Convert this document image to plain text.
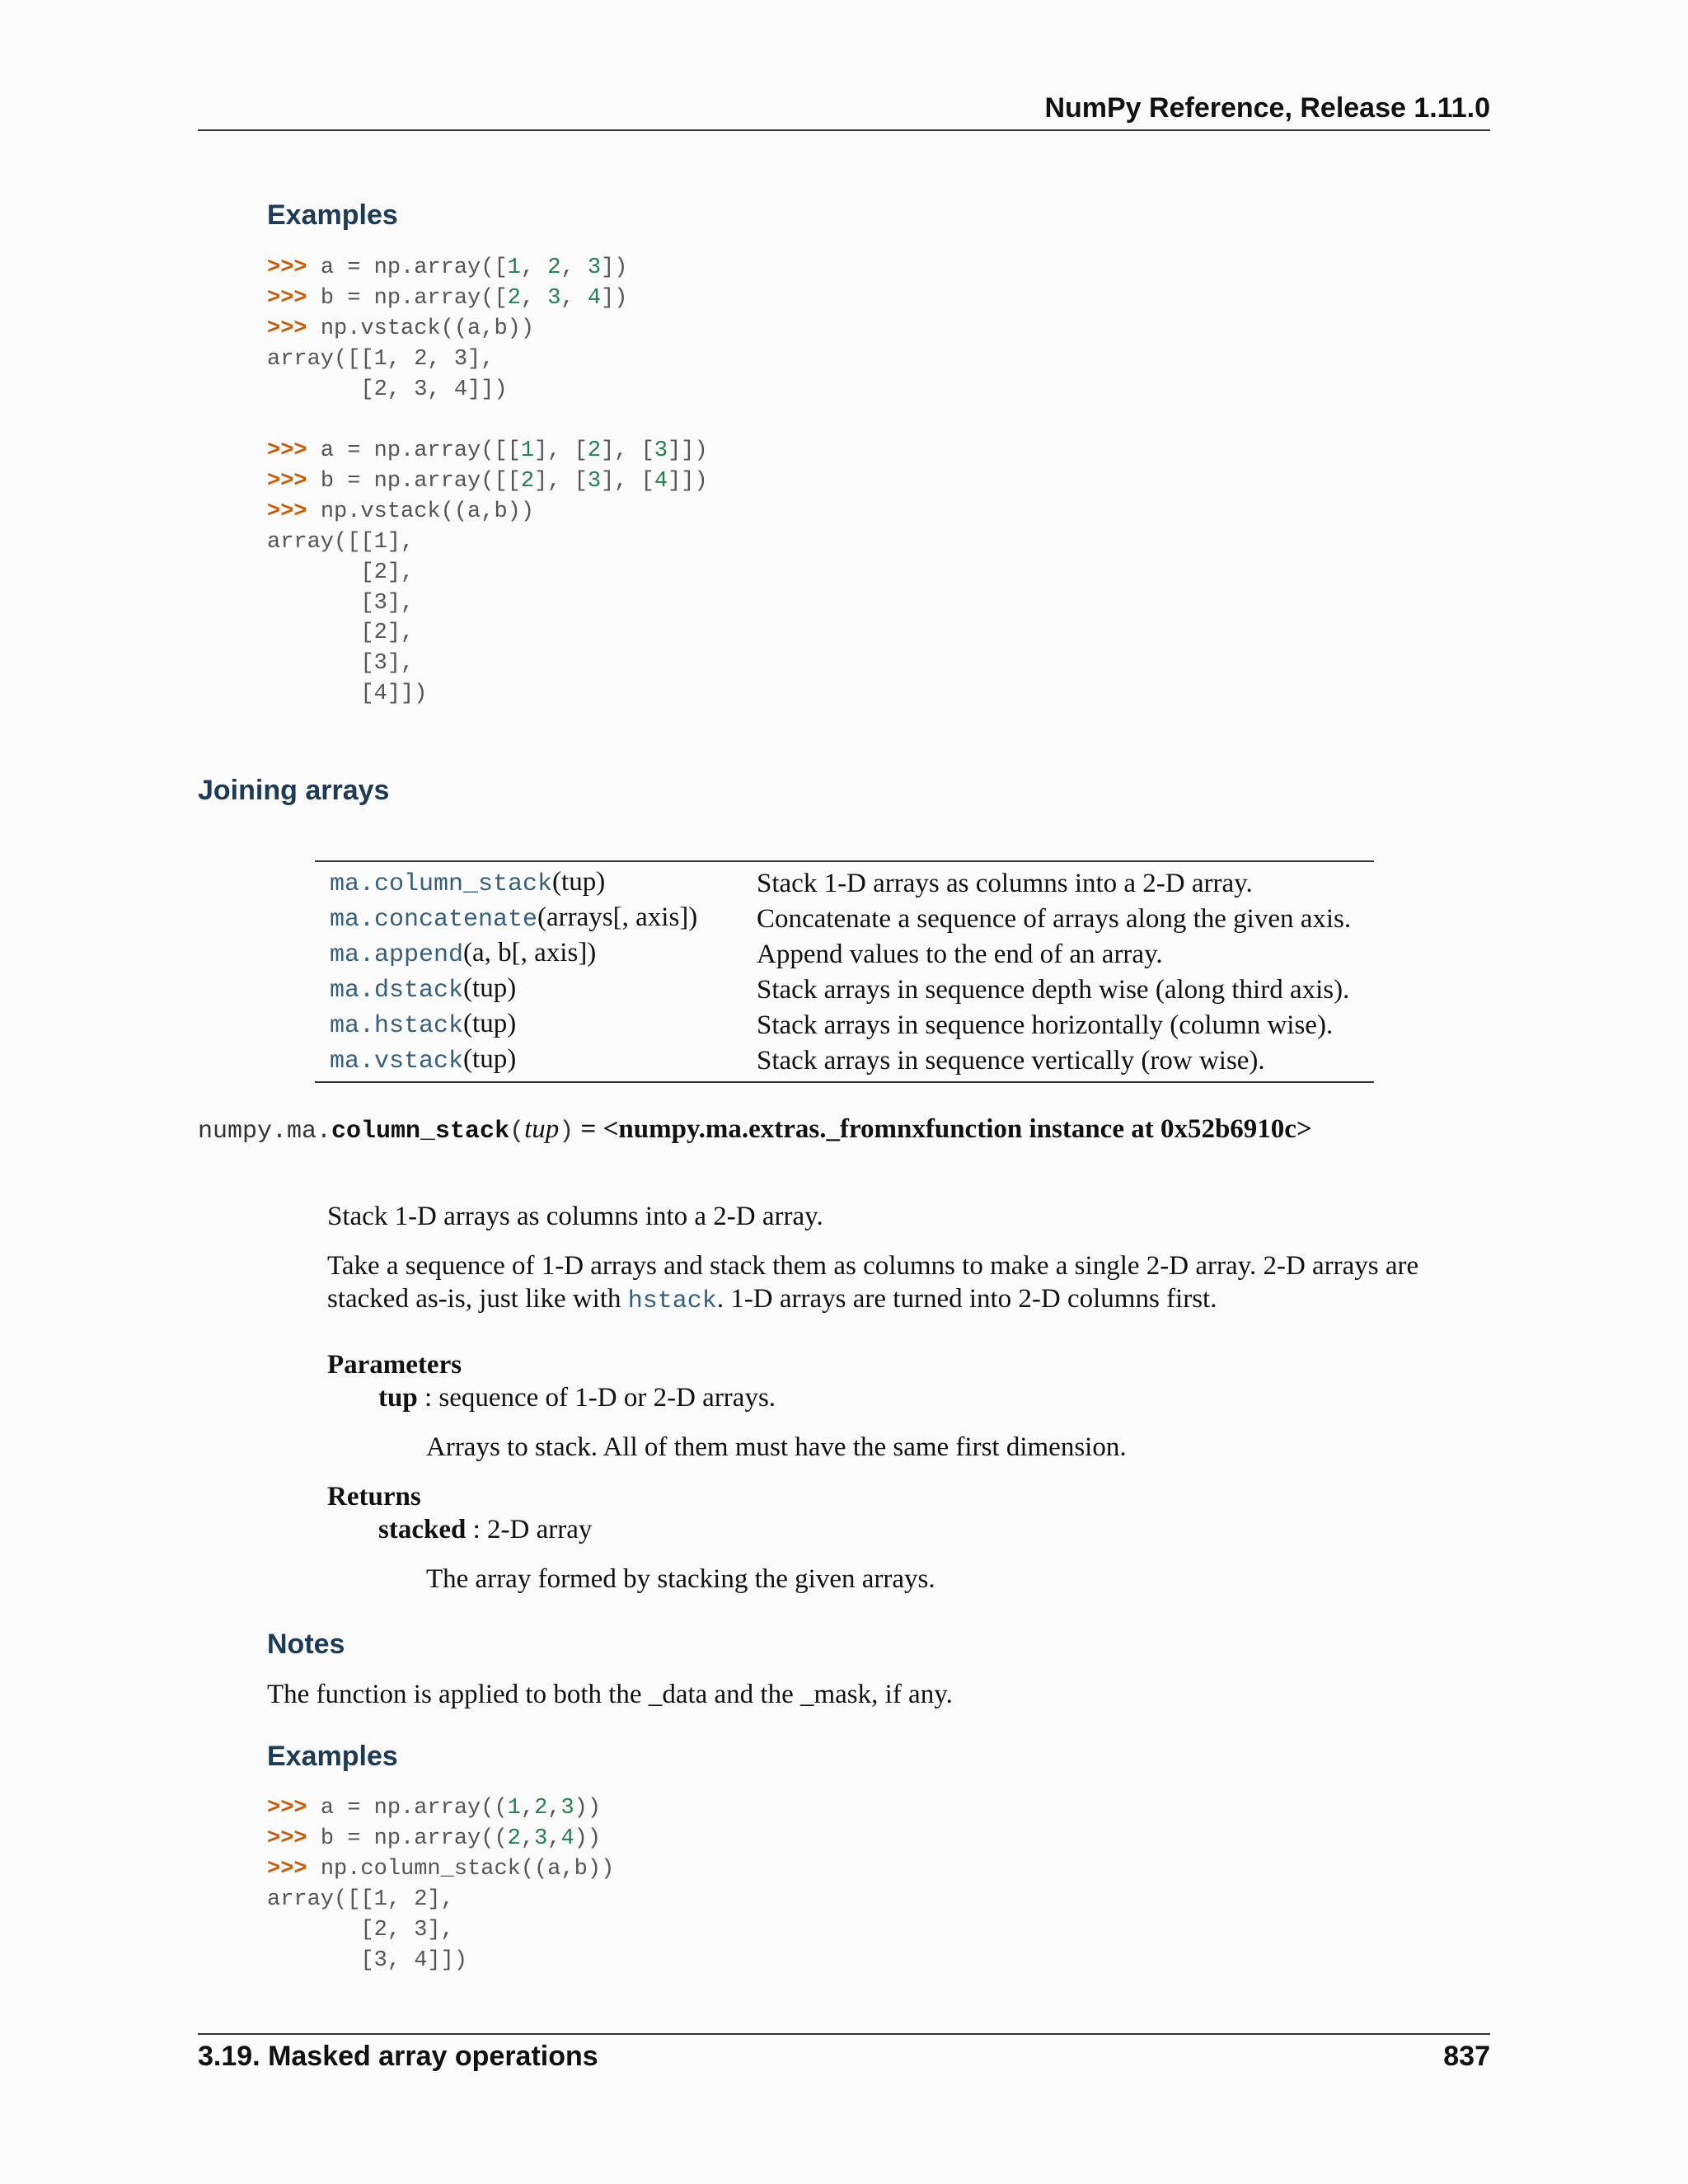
NumPy Reference, Release 1.11.0
Examples
>>> a = np.array([1, 2, 3])
>>> b = np.array([2, 3, 4])
>>> np.vstack((a,b))
array([[1, 2, 3],
[2, 3, 4]])
>>> a = np.array([[1], [2], [3]])
>>> b = np.array([[2], [3], [4]])
>>> np.vstack((a,b))
array([[1],
[2],
[3],
[2],
[3],
[4]])
Joining arrays
ma.column_stack(tup)	Stack 1-D arrays as columns into a 2-D array.
ma.concatenate(arrays[, axis])	Concatenate a sequence of arrays along the given axis.
ma.append(a, b[, axis])	Append values to the end of an array.
ma.dstack(tup)	Stack arrays in sequence depth wise (along third axis).
ma.hstack(tup)	Stack arrays in sequence horizontally (column wise).
ma.vstack(tup)	Stack arrays in sequence vertically (row wise).
numpy.ma.column_stack(tup) = <numpy.ma.extras._fromnxfunction instance at 0x52b6910c>
Stack 1-D arrays as columns into a 2-D array.
Take a sequence of 1-D arrays and stack them as columns to make a single 2-D array. 2-D arrays are stacked as-is, just like with hstack. 1-D arrays are turned into 2-D columns first.
Parameters
tup : sequence of 1-D or 2-D arrays.
Arrays to stack. All of them must have the same first dimension.
Returns
stacked : 2-D array
The array formed by stacking the given arrays.
Notes
The function is applied to both the _data and the _mask, if any.
Examples
>>> a = np.array((1,2,3))
>>> b = np.array((2,3,4))
>>> np.column_stack((a,b))
array([[1, 2],
[2, 3],
[3, 4]])
3.19. Masked array operations	837
